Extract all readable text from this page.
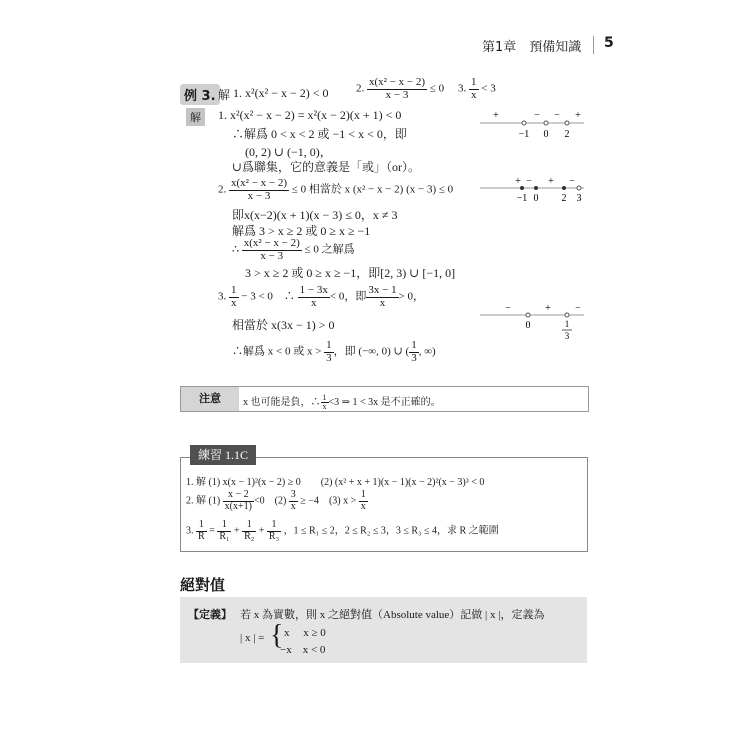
第1章　預備知識 5
例 3. 解 1. x²(x² − x − 2) < 0	2. $\frac{\text{x(x² − x − 2)}}{x - 3} \le 0$ 3. $\frac{1}{x} < 3$
解	1. x²(x² − x − 2) = x²(x − 2)(x + 1) < 0
∴解爲 0 < x < 2 或 −1 < x < 0，即
(0, 2) ∪ (−1, 0)，
∪爲聯集，它的意義是「或」（or）。
+	− − +
−1 0 2
2. $\frac{\text{x(x² − x − 2)}}{x - 3} \le 0$ 相當於 x (x² − x − 2) (x − 3) ≤ 0
即x(x−2)(x + 1)(x − 3) ≤ 0，x ≠ 3
解爲 3 > x ≥ 2 或 0 ≥ x ≥ −1
∴ $\frac{\text{x(x² − x − 2)}}{x - 3} \le 0$ 之解爲
3 > x ≥ 2 或 0 ≥ x ≥ −1，即[2, 3) ∪ [−1, 0]
+ − + −
−1 0 2 3
3. $\frac{1}{x} - 3 < 0$　∴ $\frac{1 - 3x}{x} < 0$，即 $\frac{3x - 1}{x} > 0$，
相當於 x(3x − 1) > 0
∴解爲 x < 0 或 $x > \frac{1}{3}$ ，即 (−∞, 0) ∪ ( $\frac{1}{3}$ , ∞)
−	+ −
0	1
3
注意	x 也可能是負，∴ $\frac{1}{x} <3$ ⇒ 1 < 3x 是不正確的。
練習 1.1C
1. 解 (1) x(x − 1)²(x − 2) ≥ 0　　(2) (x² + x + 1)(x − 1)(x − 2)²(x − 3)³ < 0
2. 解 $(1) \frac{x - 2}{x(x+1)} <0$ $(2) \frac{3}{x} \ge -4$ (3) $x > \frac{1}{x}$
3. $\frac{1}{R} = \frac{1}{\text{R₁}} + \frac{1}{\text{R₂}} + \frac{1}{\text{R₃}}$ ，1 ≤ R₁ ≤ 2，2 ≤ R₂ ≤ 3，3 ≤ R₃ ≤ 4，求 R 之範圍
絕對值
【定義】 若 x 為實數，則 x 之絕對值（Absolute value）記做 | x |，定義為
| x | = { x　 x ≥ 0
−x　x < 0
